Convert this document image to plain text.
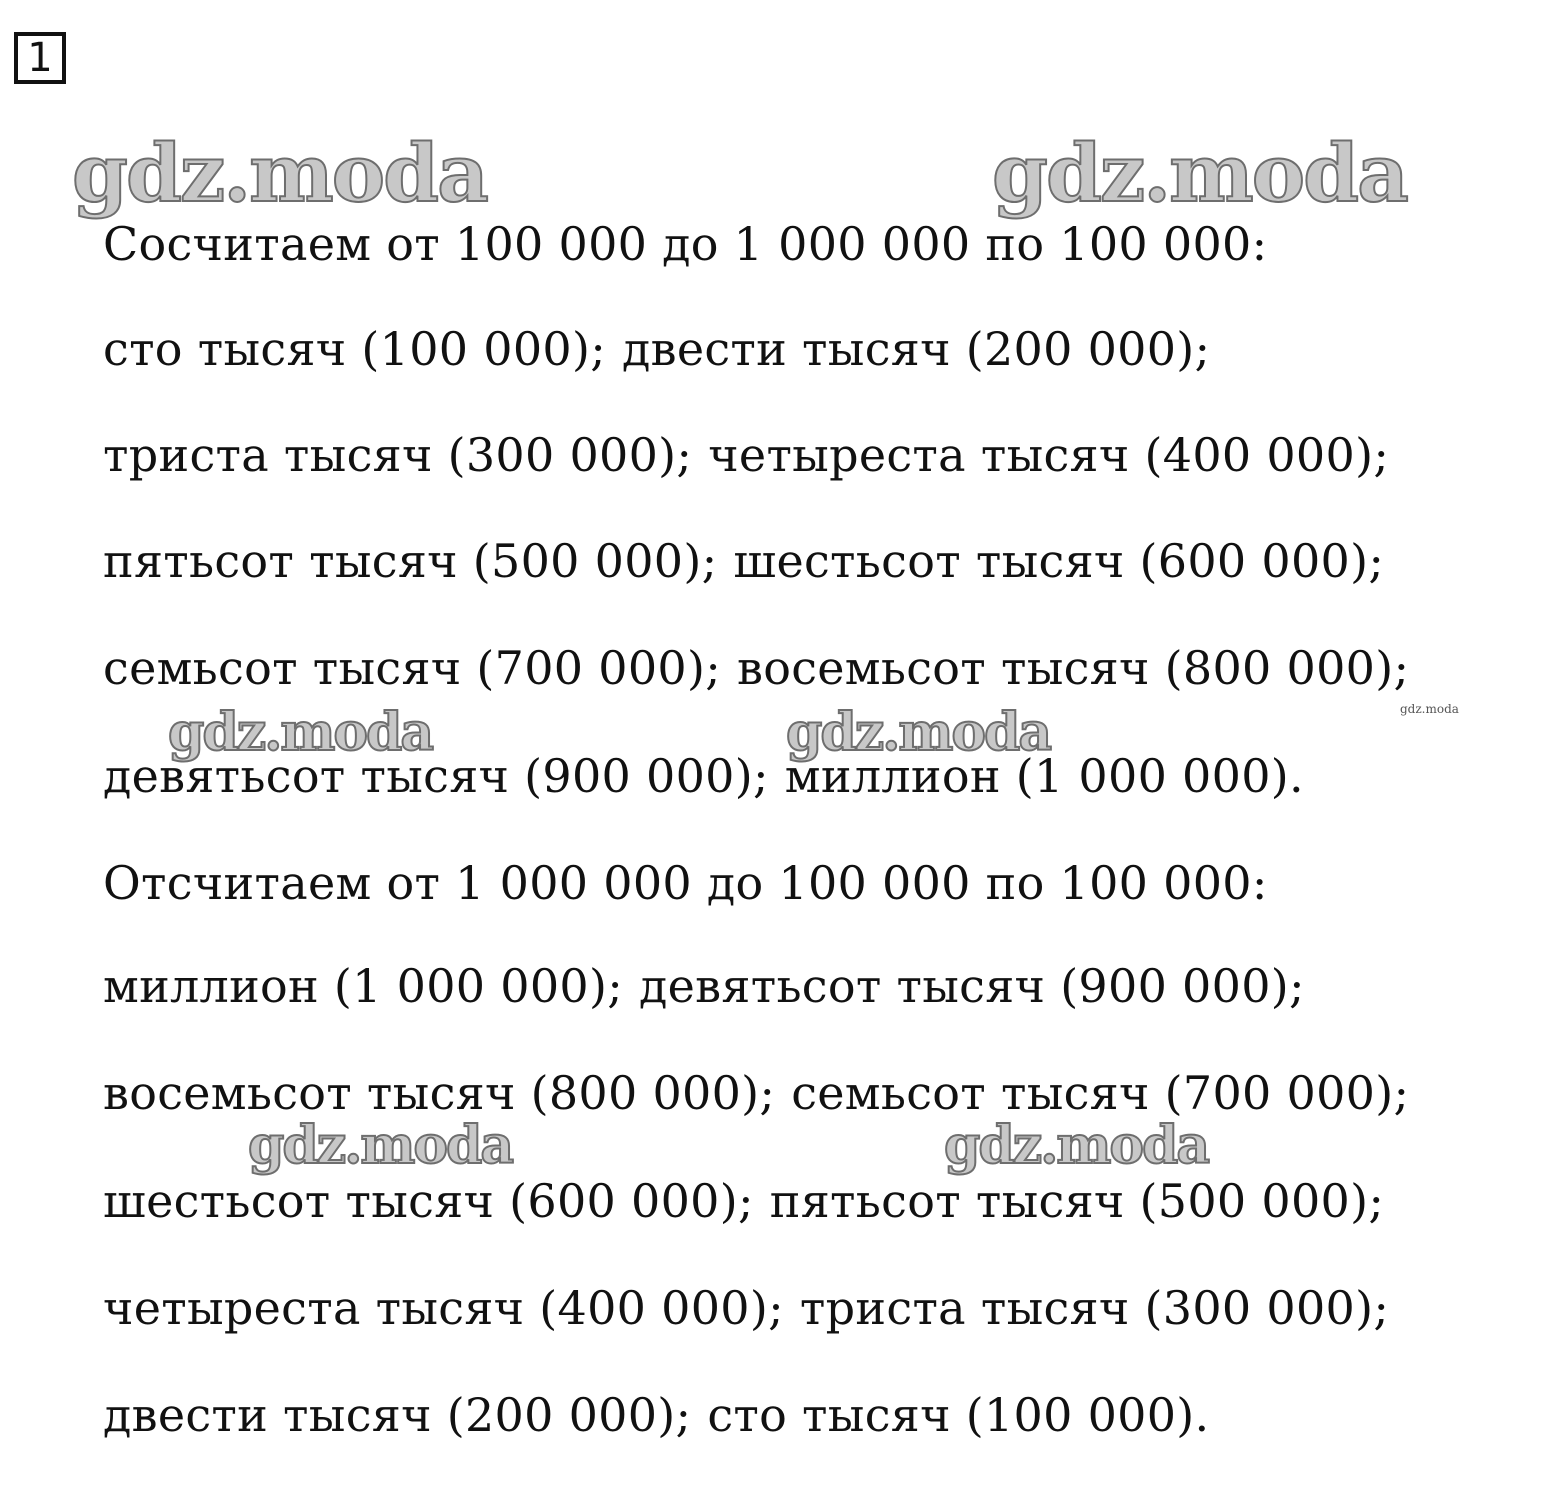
1
Сосчитаем от 100 000 до 1 000 000 по 100 000:
сто тысяч (100 000); двести тысяч (200 000);
триста тысяч (300 000); четыреста тысяч (400 000);
пятьсот тысяч (500 000); шестьсот тысяч (600 000);
семьсот тысяч (700 000); восемьсот тысяч (800 000);
девятьсот тысяч (900 000); миллион (1 000 000).
Отсчитаем от 1 000 000 до 100 000 по 100 000:
миллион (1 000 000); девятьсот тысяч (900 000);
восемьсот тысяч (800 000); семьсот тысяч (700 000);
шестьсот тысяч (600 000); пятьсот тысяч (500 000);
четыреста тысяч (400 000); триста тысяч (300 000);
двести тысяч (200 000); сто тысяч (100 000).
gdz.moda	gdz.moda
gdz.moda	gdz.moda	gdz.moda
gdz.moda	gdz.moda
